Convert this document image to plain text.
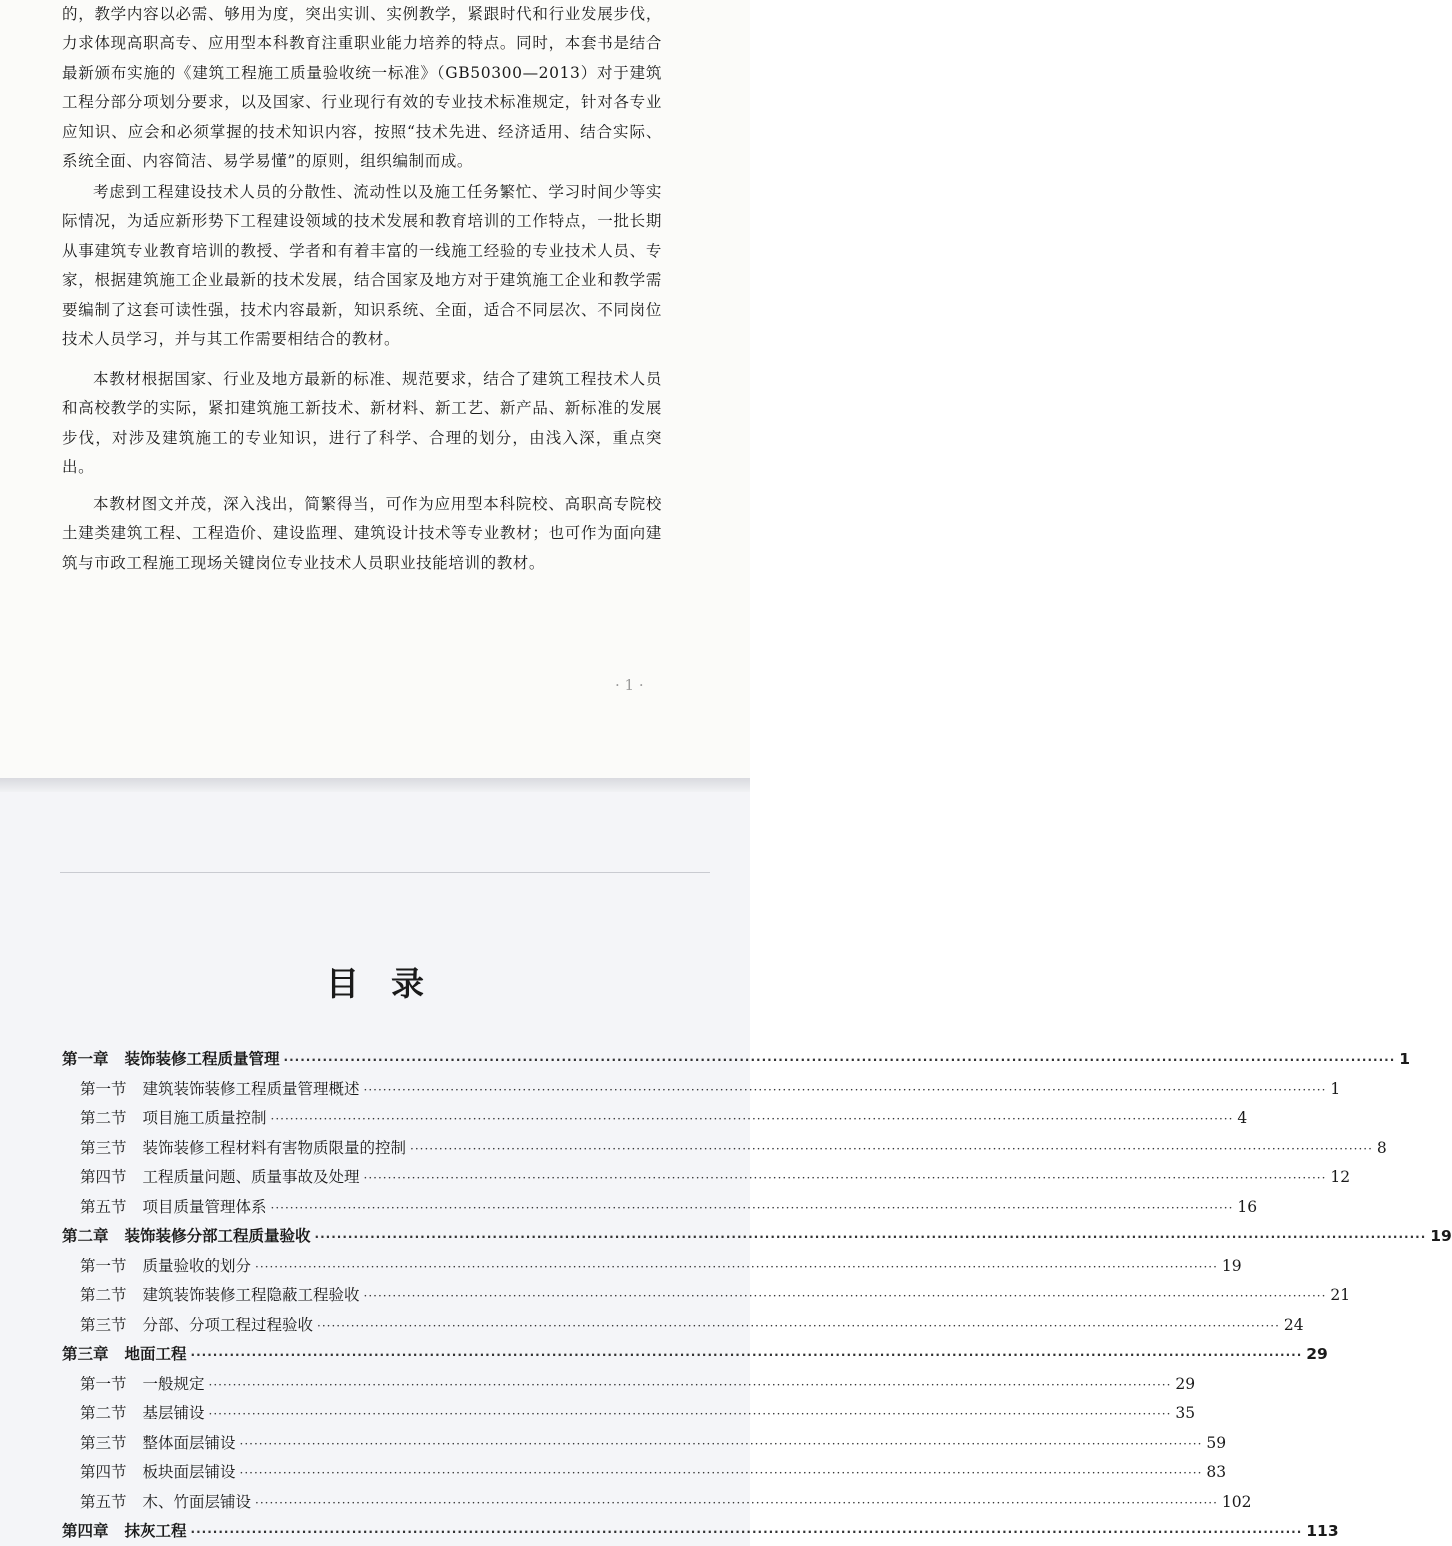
的，教学内容以必需、够用为度，突出实训、实例教学，紧跟时代和行业发展步伐，力求体现高职高专、应用型本科教育注重职业能力培养的特点。同时，本套书是结合最新颁布实施的《建筑工程施工质量验收统一标准》（GB50300—2013）对于建筑工程分部分项划分要求，以及国家、行业现行有效的专业技术标准规定，针对各专业应知识、应会和必须掌握的技术知识内容，按照“技术先进、经济适用、结合实际、系统全面、内容简洁、易学易懂”的原则，组织编制而成。

考虑到工程建设技术人员的分散性、流动性以及施工任务繁忙、学习时间少等实际情况，为适应新形势下工程建设领域的技术发展和教育培训的工作特点，一批长期从事建筑专业教育培训的教授、学者和有着丰富的一线施工经验的专业技术人员、专家，根据建筑施工企业最新的技术发展，结合国家及地方对于建筑施工企业和教学需要编制了这套可读性强，技术内容最新，知识系统、全面，适合不同层次、不同岗位技术人员学习，并与其工作需要相结合的教材。

本教材根据国家、行业及地方最新的标准、规范要求，结合了建筑工程技术人员和高校教学的实际，紧扣建筑施工新技术、新材料、新工艺、新产品、新标准的发展步伐，对涉及建筑施工的专业知识，进行了科学、合理的划分，由浅入深，重点突出。

本教材图文并茂，深入浅出，简繁得当，可作为应用型本科院校、高职高专院校土建类建筑工程、工程造价、建设监理、建筑设计技术等专业教材；也可作为面向建筑与市政工程施工现场关键岗位专业技术人员职业技能培训的教材。

· 1 ·
目录
第一章 装饰装修工程质量管理 ········································································································································································································ 1
第一节 建筑装饰装修工程质量管理概述 ········································································································································································································ 1
第二节 项目施工质量控制 ········································································································································································································ 4
第三节 装饰装修工程材料有害物质限量的控制 ········································································································································································································ 8
第四节 工程质量问题、质量事故及处理 ········································································································································································································ 12
第五节 项目质量管理体系 ········································································································································································································ 16
第二章 装饰装修分部工程质量验收 ········································································································································································································ 19
第一节 质量验收的划分 ········································································································································································································ 19
第二节 建筑装饰装修工程隐蔽工程验收 ········································································································································································································ 21
第三节 分部、分项工程过程验收 ········································································································································································································ 24
第三章 地面工程 ········································································································································································································ 29
第一节 一般规定 ········································································································································································································ 29
第二节 基层铺设 ········································································································································································································ 35
第三节 整体面层铺设 ········································································································································································································ 59
第四节 板块面层铺设 ········································································································································································································ 83
第五节 木、竹面层铺设 ········································································································································································································ 102
第四章 抹灰工程 ········································································································································································································ 113
